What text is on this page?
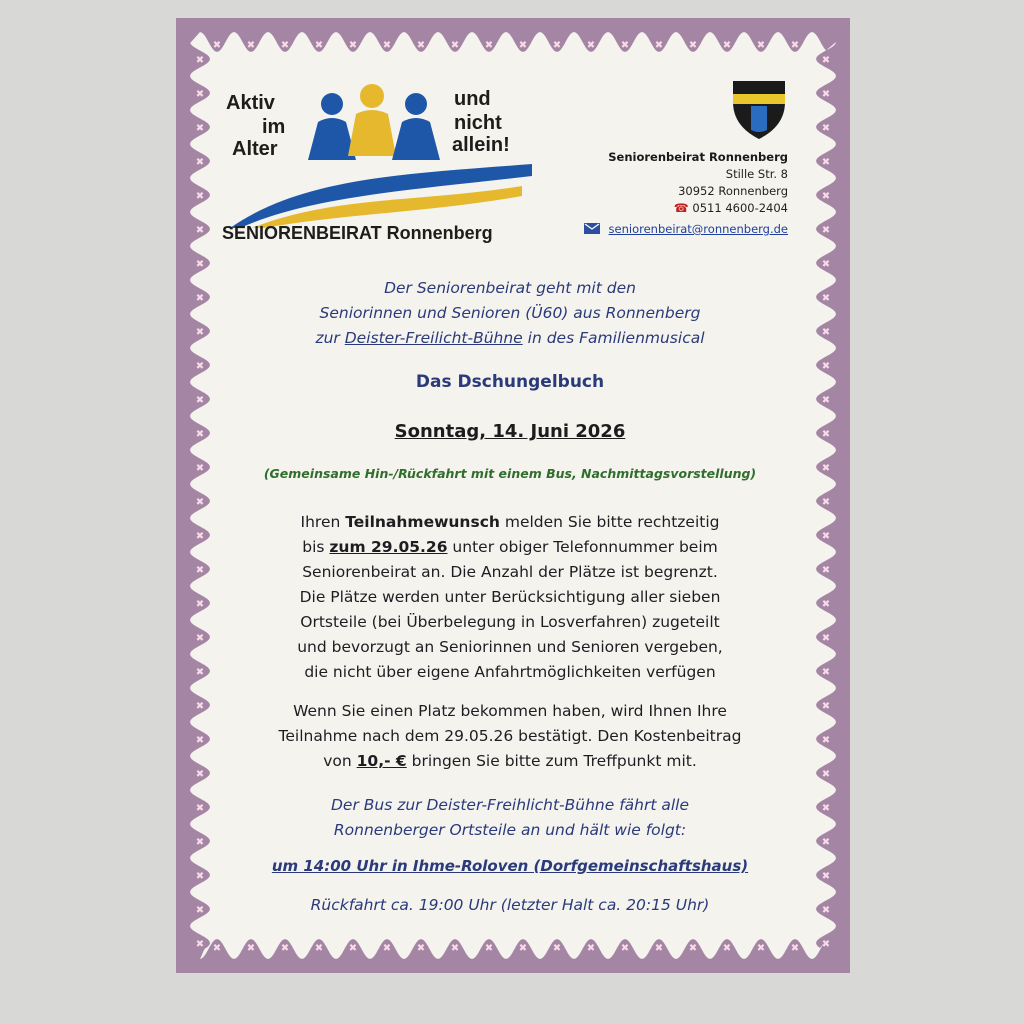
✖
✖
✖
✖
✖
✖
✖
✖
✖
✖
✖
✖
✖
✖
✖
✖
✖
✖
✖
✖
✖
✖
✖
✖
✖
✖
✖
✖
✖
✖
✖
✖
✖
✖
✖
✖
✖	✖
✖	✖
✖	✖
✖	✖
✖	✖
✖	✖
✖	✖
✖	✖
✖	✖
✖	✖
✖	✖
✖	✖
✖	✖
✖	✖
✖	✖
✖	✖
✖	✖
✖	✖
✖	✖
✖	✖
✖	✖
✖	✖
✖	✖
✖	✖
✖	✖
✖	✖
✖	✖
Aktiv
im
Alter
und
nicht
allein!
SENIORENBEIRAT Ronnenberg
Seniorenbeirat Ronnenberg
Stille Str. 8
30952 Ronnenberg
☎ 0511 4600-2404
seniorenbeirat@ronnenberg.de
Der Seniorenbeirat geht mit den
Seniorinnen und Senioren (Ü60) aus Ronnenberg
zur Deister-Freilicht-Bühne in des Familienmusical
Das Dschungelbuch
Sonntag, 14. Juni 2026
(Gemeinsame Hin-/Rückfahrt mit einem Bus, Nachmittagsvorstellung)
Ihren Teilnahmewunsch melden Sie bitte rechtzeitig
bis zum 29.05.26 unter obiger Telefonnummer beim
Seniorenbeirat an. Die Anzahl der Plätze ist begrenzt.
Die Plätze werden unter Berücksichtigung aller sieben
Ortsteile (bei Überbelegung in Losverfahren) zugeteilt
und bevorzugt an Seniorinnen und Senioren vergeben,
die nicht über eigene Anfahrtmöglichkeiten verfügen
Wenn Sie einen Platz bekommen haben, wird Ihnen Ihre
Teilnahme nach dem 29.05.26 bestätigt. Den Kostenbeitrag
von 10,- € bringen Sie bitte zum Treffpunkt mit.
Der Bus zur Deister-Freihlicht-Bühne fährt alle
Ronnenberger Ortsteile an und hält wie folgt:
um 14:00 Uhr in Ihme-Roloven (Dorfgemeinschaftshaus)
Rückfahrt ca. 19:00 Uhr (letzter Halt ca. 20:15 Uhr)
